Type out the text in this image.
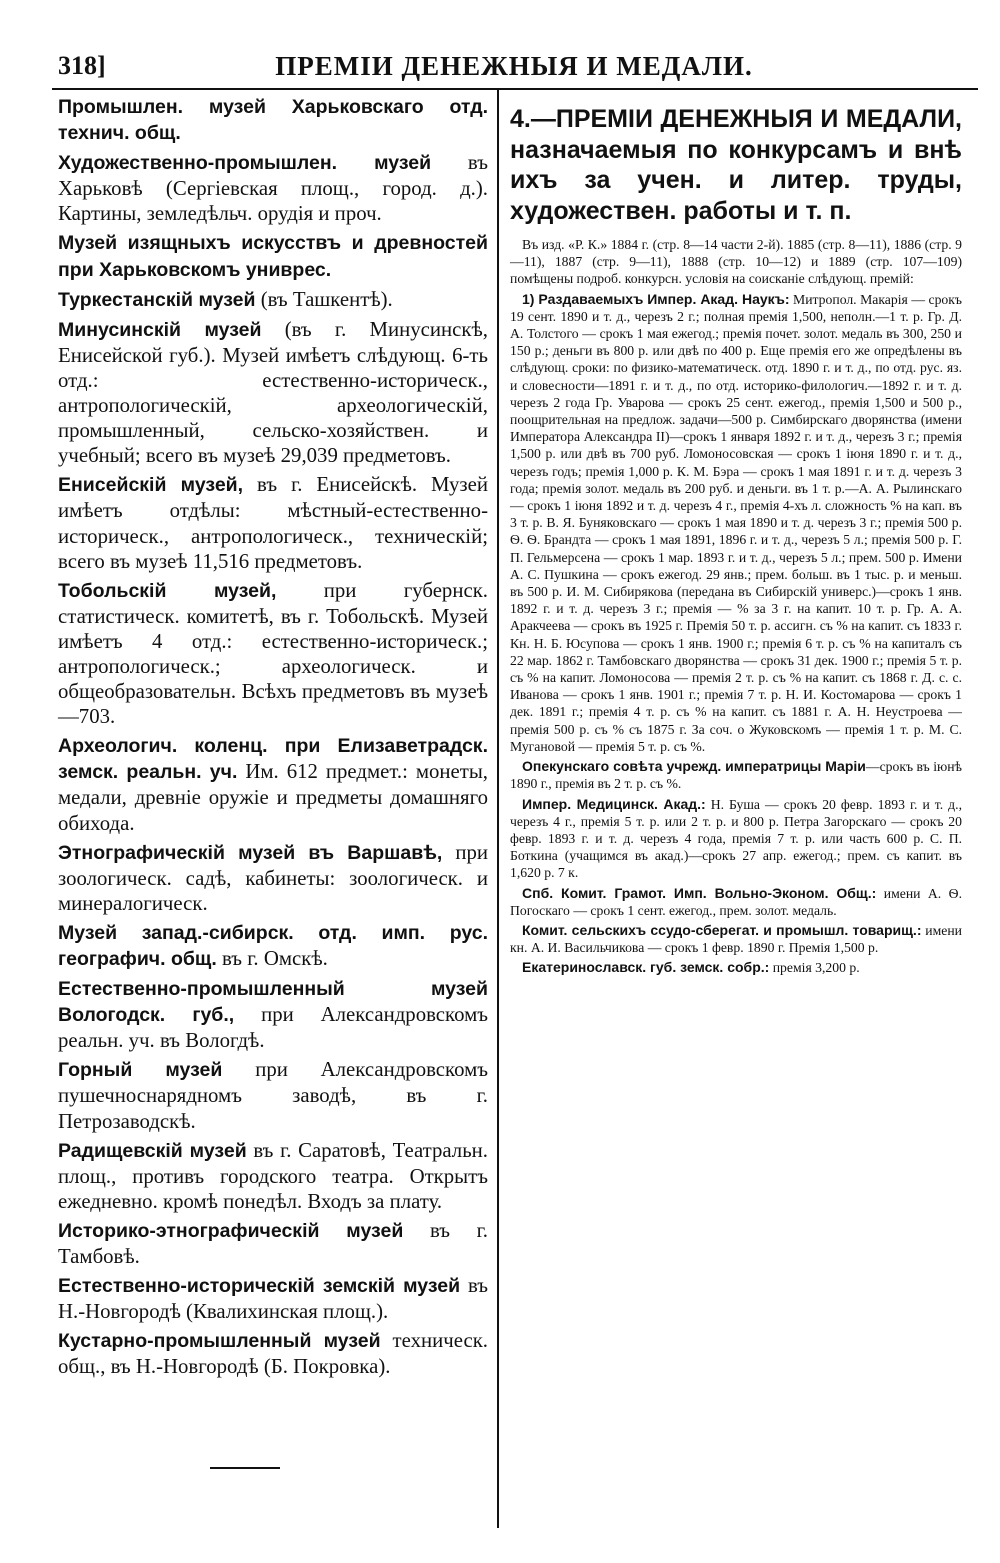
318]	ПРЕМІИ ДЕНЕЖНЫЯ И МЕДАЛИ.

Промышлен. музей Харьковскаго отд. технич. общ.

Художественно-промышлен. музей въ Харьковѣ (Сергіевская площ., город. д.). Картины, земледѣльч. орудія и проч.

Музей изящныхъ искусствъ и древностей при Харьковскомъ униврес.

Туркестанскій музей (въ Ташкентѣ).

Минусинскій музей (въ г. Минусинскѣ, Енисейской губ.). Музей имѣетъ слѣдующ. 6-ть отд.: естественно-историческ., антропологическій, археологическій, промышленный, сельско-хозяйствен. и учебный; всего въ музеѣ 29,039 предметовъ.

Енисейскій музей, въ г. Енисейскѣ. Музей имѣетъ отдѣлы: мѣстный-естественно-историческ., антропологическ., техническій; всего въ музеѣ 11,516 предметовъ.

Тобольскій музей, при губернск. статистическ. комитетѣ, въ г. Тобольскѣ. Музей имѣетъ 4 отд.: естественно-историческ.; антропологическ.; археологическ. и общеобразовательн. Всѣхъ предметовъ въ музеѣ—703.

Археологич. коленц. при Елизаветрадск. земск. реальн. уч. Им. 612 предмет.: монеты, медали, древніе оружіе и предметы домашняго обихода.

Этнографическій музей въ Варшавѣ, при зоологическ. садѣ, кабинеты: зоологическ. и минералогическ.

Музей запад.-сибирск. отд. имп. рус. географич. общ. въ г. Омскѣ.

Естественно-промышленный музей Вологодск. губ., при Александровскомъ реальн. уч. въ Вологдѣ.

Горный музей при Александровскомъ пушечноснарядномъ заводѣ, въ г. Петрозаводскѣ.

Радищевскій музей въ г. Саратовѣ, Театральн. площ., противъ городского театра. Открытъ ежедневно. кромѣ понедѣл. Входъ за плату.

Историко-этнографическій музей въ г. Тамбовѣ.

Естественно-историческій земскій музей въ Н.-Новгородѣ (Квалихинская площ.).

Кустарно-промышленный музей техническ. общ., въ Н.-Новгородѣ (Б. Покровка).

4.—ПРЕМІИ ДЕНЕЖНЫЯ И МЕДАЛИ, назначаемыя по конкурсамъ и внѣ ихъ за учен. и литер. труды, художествен. работы и т. п.

Въ изд. «Р. К.» 1884 г. (стр. 8—14 части 2-й). 1885 (стр. 8—11), 1886 (стр. 9—11), 1887 (стр. 9—11), 1888 (стр. 10—12) и 1889 (стр. 107—109) помѣщены подроб. конкурсн. условія на соисканіе слѣдующ. премій:

1) Раздаваемыхъ Импер. Акад. Наукъ: Митропол. Макарія — срокъ 19 сент. 1890 и т. д., черезъ 2 г.; полная премія 1,500, неполн.—1 т. р. Гр. Д. А. Толстого — срокъ 1 мая ежегод.; премія почет. золот. медаль въ 300, 250 и 150 р.; деньги въ 800 р. или двѣ по 400 р. Еще премія его же опредѣлены въ слѣдующ. сроки: по физико-математическ. отд. 1890 г. и т. д., по отд. рус. яз. и словесности—1891 г. и т. д., по отд. историко-филологич.—1892 г. и т. д. черезъ 2 года Гр. Уварова — срокъ 25 сент. ежегод., премія 1,500 и 500 р., поощрительная на предлож. задачи—500 р. Симбирскаго дворянства (имени Императора Александра II)—срокъ 1 января 1892 г. и т. д., черезъ 3 г.; премія 1,500 р. или двѣ въ 700 руб. Ломоносовская — срокъ 1 іюня 1890 г. и т. д., черезъ годъ; премія 1,000 р. К. М. Бэра — срокъ 1 мая 1891 г. и т. д. черезъ 3 года; премія золот. медаль въ 200 руб. и деньги. въ 1 т. р.—А. А. Рылинскаго — срокъ 1 іюня 1892 и т. д. черезъ 4 г., премія 4-хъ л. сложность % на кап. въ 3 т. р. В. Я. Буняковскаго — срокъ 1 мая 1890 и т. д. черезъ 3 г.; премія 500 р. Ѳ. Ѳ. Брандта — срокъ 1 мая 1891, 1896 г. и т. д., черезъ 5 л.; премія 500 р. Г. П. Гельмерсена — срокъ 1 мар. 1893 г. и т. д., черезъ 5 л.; прем. 500 р. Имени А. С. Пушкина — срокъ ежегод. 29 янв.; прем. больш. въ 1 тыс. р. и меньш. въ 500 р. И. М. Сибирякова (передана въ Сибирскій универс.)—срокъ 1 янв. 1892 г. и т. д. черезъ 3 г.; премія — % за 3 г. на капит. 10 т. р. Гр. А. А. Аракчеева — срокъ въ 1925 г. Премія 50 т. р. ассигн. съ % на капит. съ 1833 г. Кн. Н. Б. Юсупова — срокъ 1 янв. 1900 г.; премія 6 т. р. съ % на капиталъ съ 22 мар. 1862 г. Тамбовскаго дворянства — срокъ 31 дек. 1900 г.; премія 5 т. р. съ % на капит. Ломоносова — премія 2 т. р. съ % на капит. съ 1868 г. Д. с. с. Иванова — срокъ 1 янв. 1901 г.; премія 7 т. р. Н. И. Костомарова — срокъ 1 дек. 1891 г.; премія 4 т. р. съ % на капит. съ 1881 г. А. Н. Неустроева — премія 500 р. съ % съ 1875 г. За соч. о Жуковскомъ — премія 1 т. р. М. С. Мугановой — премія 5 т. р. съ %.

Опекунскаго совѣта учрежд. императрицы Маріи—срокъ въ іюнѣ 1890 г., премія въ 2 т. р. съ %.

Импер. Медицинск. Акад.: Н. Буша — срокъ 20 февр. 1893 г. и т. д., черезъ 4 г., премія 5 т. р. или 2 т. р. и 800 р. Петра Загорскаго — срокъ 20 февр. 1893 г. и т. д. черезъ 4 года, премія 7 т. р. или часть 600 р. С. П. Боткина (учащимся въ акад.)—срокъ 27 апр. ежегод.; прем. съ капит. въ 1,620 р. 7 к.

Спб. Комит. Грамот. Имп. Вольно-Эконом. Общ.: имени А. Ѳ. Погоскаго — срокъ 1 сент. ежегод., прем. золот. медаль.

Комит. сельскихъ ссудо-сберегат. и промышл. товарищ.: имени кн. А. И. Васильчикова — срокъ 1 февр. 1890 г. Премія 1,500 р.

Екатеринославск. губ. земск. собр.: премія 3,200 р.
